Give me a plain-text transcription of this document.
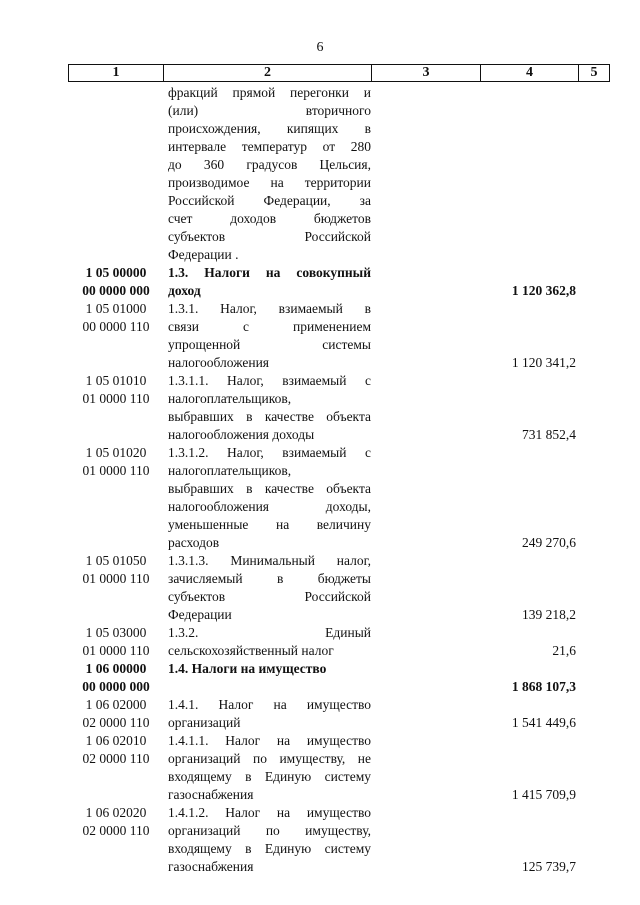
6
1	2	3	4	5
фракций прямой перегонки и
(или) вторичного
происхождения, кипящих в
интервале температур от 280
до 360 градусов Цельсия,
производимое на территории
Российской Федерации, за
счет доходов бюджетов
субъектов Российской
Федерации .
1 05 00000
00 0000 000
1.3. Налоги на совокупный
доход	1 120 362,8
1 05 01000
00 0000 110
1.3.1. Налог, взимаемый в
связи с применением
упрощенной системы
налогообложения	1 120 341,2
1 05 01010
01 0000 110
1.3.1.1. Налог, взимаемый с
налогоплательщиков,
выбравших в качестве объекта
налогообложения доходы	731 852,4
1 05 01020
01 0000 110
1.3.1.2. Налог, взимаемый с
налогоплательщиков,
выбравших в качестве объекта
налогообложения доходы,
уменьшенные на величину
расходов	249 270,6
1 05 01050
01 0000 110
1.3.1.3. Минимальный налог,
зачисляемый в бюджеты
субъектов Российской
Федерации	139 218,2
1 05 03000
01 0000 110
1.3.2. Единый
сельскохозяйственный налог	21,6
1 06 00000
00 0000 000
1.4. Налоги на имущество
1 868 107,3
1 06 02000
02 0000 110
1.4.1. Налог на имущество
организаций	1 541 449,6
1 06 02010
02 0000 110
1.4.1.1. Налог на имущество
организаций по имуществу, не
входящему в Единую систему
газоснабжения	1 415 709,9
1 06 02020
02 0000 110
1.4.1.2. Налог на имущество
организаций по имуществу,
входящему в Единую систему
газоснабжения	125 739,7
